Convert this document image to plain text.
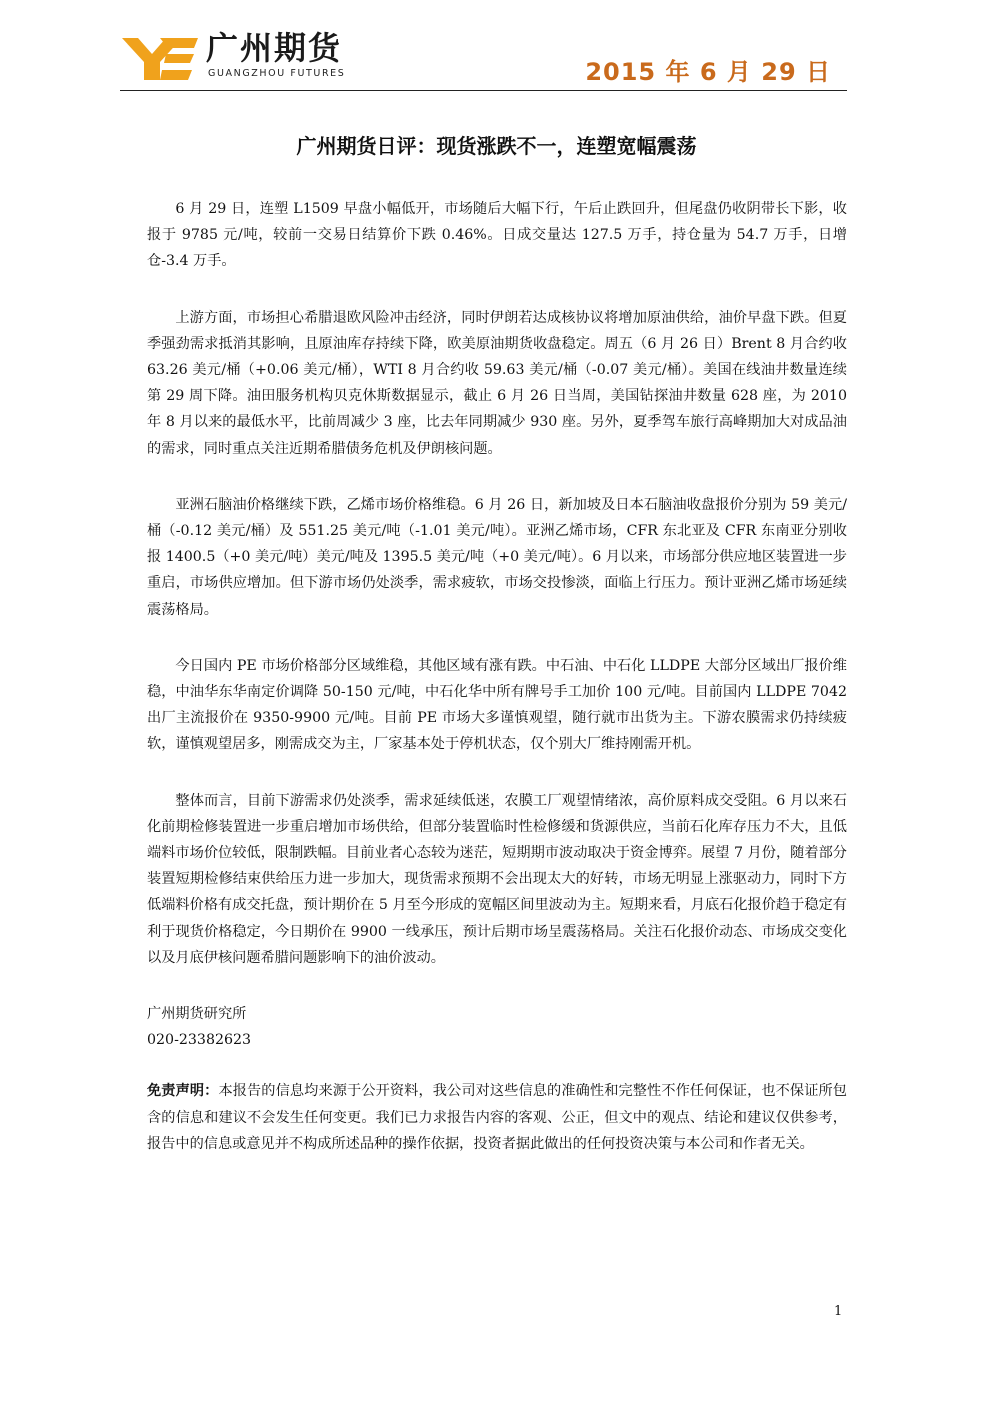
广州期货
GUANGZHOU FUTURES	2015 年 6 月 29 日
广州期货日评：现货涨跌不一，连塑宽幅震荡

6 月 29 日，连塑 L1509 早盘小幅低开，市场随后大幅下行，午后止跌回升，但尾盘仍收阴带长下影，收报于 9785 元/吨，较前一交易日结算价下跌 0.46%。日成交量达 127.5 万手，持仓量为 54.7 万手，日增仓-3.4 万手。

上游方面，市场担心希腊退欧风险冲击经济，同时伊朗若达成核协议将增加原油供给，油价早盘下跌。但夏季强劲需求抵消其影响，且原油库存持续下降，欧美原油期货收盘稳定。周五（6 月 26 日）Brent 8 月合约收 63.26 美元/桶（+0.06 美元/桶），WTI 8 月合约收 59.63 美元/桶（-0.07 美元/桶）。美国在线油井数量连续第 29 周下降。油田服务机构贝克休斯数据显示，截止 6 月 26 日当周，美国钻探油井数量 628 座，为 2010 年 8 月以来的最低水平，比前周减少 3 座，比去年同期减少 930 座。另外，夏季驾车旅行高峰期加大对成品油的需求，同时重点关注近期希腊债务危机及伊朗核问题。

亚洲石脑油价格继续下跌，乙烯市场价格维稳。6 月 26 日，新加坡及日本石脑油收盘报价分别为 59 美元/桶（-0.12 美元/桶）及 551.25 美元/吨（-1.01 美元/吨）。亚洲乙烯市场，CFR 东北亚及 CFR 东南亚分别收报 1400.5（+0 美元/吨）美元/吨及 1395.5 美元/吨（+0 美元/吨）。6 月以来，市场部分供应地区装置进一步重启，市场供应增加。但下游市场仍处淡季，需求疲软，市场交投惨淡，面临上行压力。预计亚洲乙烯市场延续震荡格局。

今日国内 PE 市场价格部分区域维稳，其他区域有涨有跌。中石油、中石化 LLDPE 大部分区域出厂报价维稳，中油华东华南定价调降 50-150 元/吨，中石化华中所有牌号手工加价 100 元/吨。目前国内 LLDPE 7042 出厂主流报价在 9350-9900 元/吨。目前 PE 市场大多谨慎观望，随行就市出货为主。下游农膜需求仍持续疲软，谨慎观望居多，刚需成交为主，厂家基本处于停机状态，仅个别大厂维持刚需开机。

整体而言，目前下游需求仍处淡季，需求延续低迷，农膜工厂观望情绪浓，高价原料成交受阻。6 月以来石化前期检修装置进一步重启增加市场供给，但部分装置临时性检修缓和货源供应，当前石化库存压力不大，且低端料市场价位较低，限制跌幅。目前业者心态较为迷茫，短期期市波动取决于资金博弈。展望 7 月份，随着部分装置短期检修结束供给压力进一步加大，现货需求预期不会出现太大的好转，市场无明显上涨驱动力，同时下方低端料价格有成交托盘，预计期价在 5 月至今形成的宽幅区间里波动为主。短期来看，月底石化报价趋于稳定有利于现货价格稳定，今日期价在 9900 一线承压，预计后期市场呈震荡格局。关注石化报价动态、市场成交变化以及月底伊核问题希腊问题影响下的油价波动。

广州期货研究所

020-23382623

免责声明：本报告的信息均来源于公开资料，我公司对这些信息的准确性和完整性不作任何保证，也不保证所包含的信息和建议不会发生任何变更。我们已力求报告内容的客观、公正，但文中的观点、结论和建议仅供参考，报告中的信息或意见并不构成所述品种的操作依据，投资者据此做出的任何投资决策与本公司和作者无关。

1
